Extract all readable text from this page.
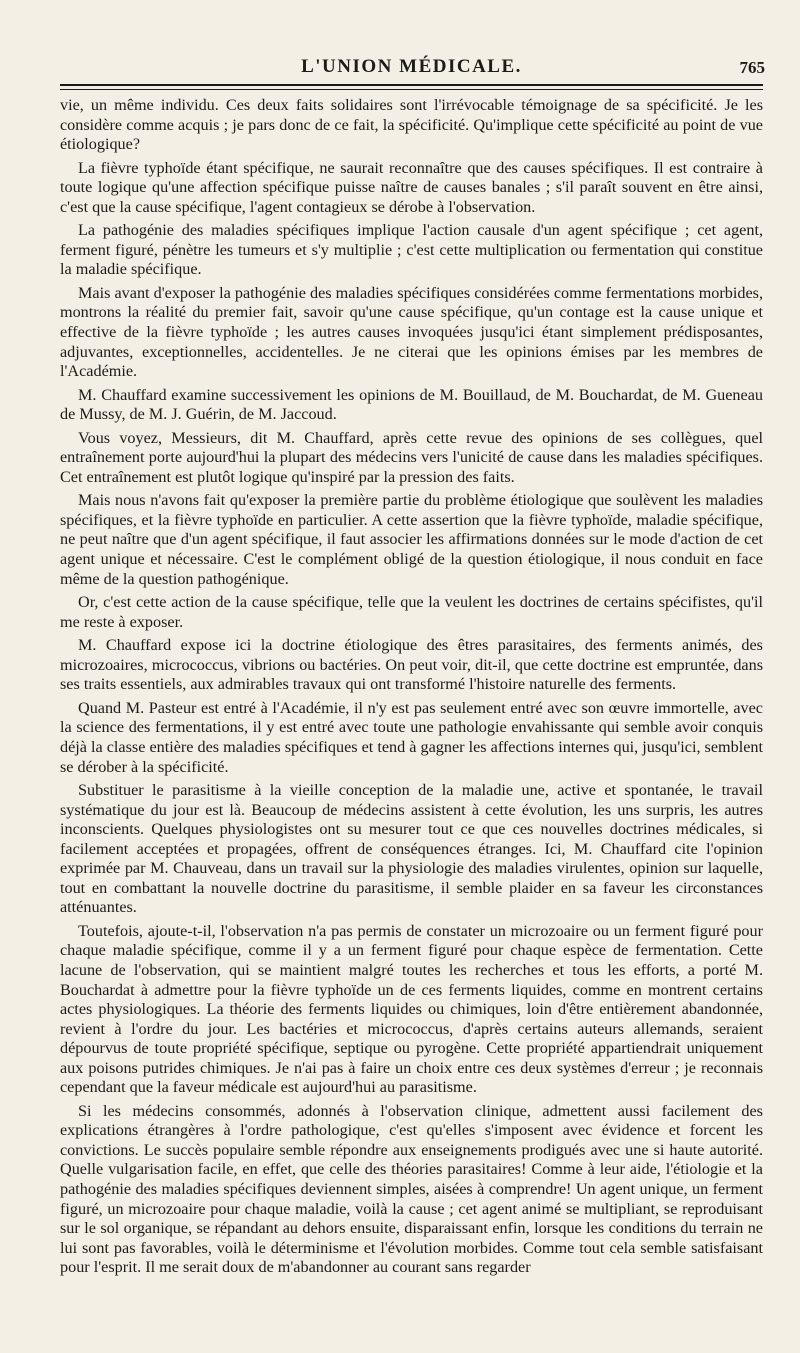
L'UNION MÉDICALE.	765

vie, un même individu. Ces deux faits solidaires sont l'irrévocable témoignage de sa spécificité. Je les considère comme acquis ; je pars donc de ce fait, la spécificité. Qu'implique cette spécificité au point de vue étiologique?

La fièvre typhoïde étant spécifique, ne saurait reconnaître que des causes spécifiques. Il est contraire à toute logique qu'une affection spécifique puisse naître de causes banales ; s'il paraît souvent en être ainsi, c'est que la cause spécifique, l'agent contagieux se dérobe à l'observation.

La pathogénie des maladies spécifiques implique l'action causale d'un agent spécifique ; cet agent, ferment figuré, pénètre les tumeurs et s'y multiplie ; c'est cette multiplication ou fermentation qui constitue la maladie spécifique.

Mais avant d'exposer la pathogénie des maladies spécifiques considérées comme fermentations morbides, montrons la réalité du premier fait, savoir qu'une cause spécifique, qu'un contage est la cause unique et effective de la fièvre typhoïde ; les autres causes invoquées jusqu'ici étant simplement prédisposantes, adjuvantes, exceptionnelles, accidentelles. Je ne citerai que les opinions émises par les membres de l'Académie.

M. Chauffard examine successivement les opinions de M. Bouillaud, de M. Bouchardat, de M. Gueneau de Mussy, de M. J. Guérin, de M. Jaccoud.

Vous voyez, Messieurs, dit M. Chauffard, après cette revue des opinions de ses collègues, quel entraînement porte aujourd'hui la plupart des médecins vers l'unicité de cause dans les maladies spécifiques. Cet entraînement est plutôt logique qu'inspiré par la pression des faits.

Mais nous n'avons fait qu'exposer la première partie du problème étiologique que soulèvent les maladies spécifiques, et la fièvre typhoïde en particulier. A cette assertion que la fièvre typhoïde, maladie spécifique, ne peut naître que d'un agent spécifique, il faut associer les affirmations données sur le mode d'action de cet agent unique et nécessaire. C'est le complément obligé de la question étiologique, il nous conduit en face même de la question pathogénique.

Or, c'est cette action de la cause spécifique, telle que la veulent les doctrines de certains spécifistes, qu'il me reste à exposer.

M. Chauffard expose ici la doctrine étiologique des êtres parasitaires, des ferments animés, des microzoaires, micrococcus, vibrions ou bactéries. On peut voir, dit-il, que cette doctrine est empruntée, dans ses traits essentiels, aux admirables travaux qui ont transformé l'histoire naturelle des ferments.

Quand M. Pasteur est entré à l'Académie, il n'y est pas seulement entré avec son œuvre immortelle, avec la science des fermentations, il y est entré avec toute une pathologie envahissante qui semble avoir conquis déjà la classe entière des maladies spécifiques et tend à gagner les affections internes qui, jusqu'ici, semblent se dérober à la spécificité.

Substituer le parasitisme à la vieille conception de la maladie une, active et spontanée, le travail systématique du jour est là. Beaucoup de médecins assistent à cette évolution, les uns surpris, les autres inconscients. Quelques physiologistes ont su mesurer tout ce que ces nouvelles doctrines médicales, si facilement acceptées et propagées, offrent de conséquences étranges. Ici, M. Chauffard cite l'opinion exprimée par M. Chauveau, dans un travail sur la physiologie des maladies virulentes, opinion sur laquelle, tout en combattant la nouvelle doctrine du parasitisme, il semble plaider en sa faveur les circonstances atténuantes.

Toutefois, ajoute-t-il, l'observation n'a pas permis de constater un microzoaire ou un ferment figuré pour chaque maladie spécifique, comme il y a un ferment figuré pour chaque espèce de fermentation. Cette lacune de l'observation, qui se maintient malgré toutes les recherches et tous les efforts, a porté M. Bouchardat à admettre pour la fièvre typhoïde un de ces ferments liquides, comme en montrent certains actes physiologiques. La théorie des ferments liquides ou chimiques, loin d'être entièrement abandonnée, revient à l'ordre du jour. Les bactéries et micrococcus, d'après certains auteurs allemands, seraient dépourvus de toute propriété spécifique, septique ou pyrogène. Cette propriété appartiendrait uniquement aux poisons putrides chimiques. Je n'ai pas à faire un choix entre ces deux systèmes d'erreur ; je reconnais cependant que la faveur médicale est aujourd'hui au parasitisme.

Si les médecins consommés, adonnés à l'observation clinique, admettent aussi facilement des explications étrangères à l'ordre pathologique, c'est qu'elles s'imposent avec évidence et forcent les convictions. Le succès populaire semble répondre aux enseignements prodigués avec une si haute autorité. Quelle vulgarisation facile, en effet, que celle des théories parasitaires! Comme à leur aide, l'étiologie et la pathogénie des maladies spécifiques deviennent simples, aisées à comprendre! Un agent unique, un ferment figuré, un microzoaire pour chaque maladie, voilà la cause ; cet agent animé se multipliant, se reproduisant sur le sol organique, se répandant au dehors ensuite, disparaissant enfin, lorsque les conditions du terrain ne lui sont pas favorables, voilà le déterminisme et l'évolution morbides. Comme tout cela semble satisfaisant pour l'esprit. Il me serait doux de m'abandonner au courant sans regarder
